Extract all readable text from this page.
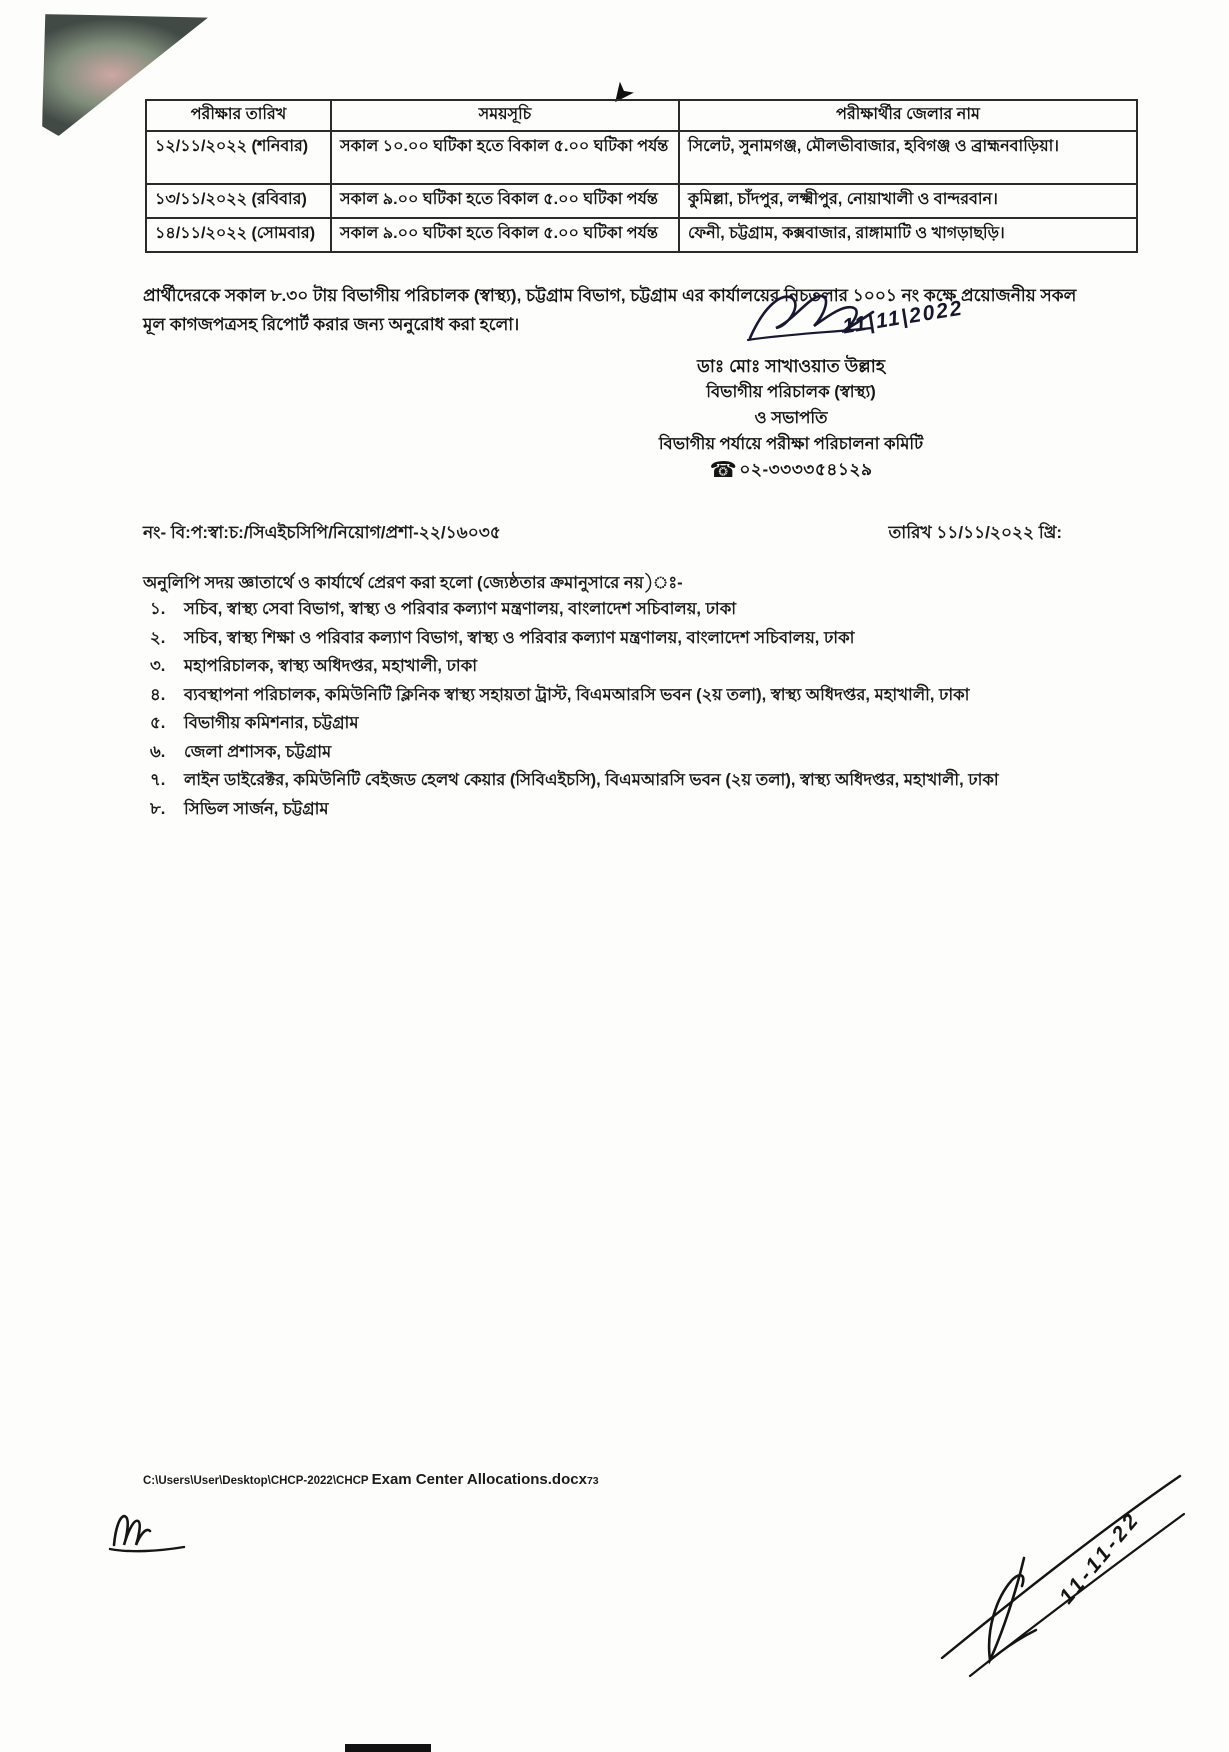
➤
পরীক্ষার তারিখ	সময়সূচি	পরীক্ষার্থীর জেলার নাম
১২/১১/২০২২ (শনিবার)	সকাল ১০.০০ ঘটিকা হতে বিকাল ৫.০০ ঘটিকা পর্যন্ত	সিলেট, সুনামগঞ্জ, মৌলভীবাজার, হবিগঞ্জ ও ব্রাহ্মনবাড়িয়া।
১৩/১১/২০২২ (রবিবার)	সকাল ৯.০০ ঘটিকা হতে বিকাল ৫.০০ ঘটিকা পর্যন্ত	কুমিল্লা, চাঁদপুর, লক্ষ্মীপুর, নোয়াখালী ও বান্দরবান।
১৪/১১/২০২২ (সোমবার)	সকাল ৯.০০ ঘটিকা হতে বিকাল ৫.০০ ঘটিকা পর্যন্ত	ফেনী, চট্টগ্রাম, কক্সবাজার, রাঙ্গামাটি ও খাগড়াছড়ি।
প্রার্থীদেরকে সকাল ৮.৩০ টায় বিভাগীয় পরিচালক (স্বাস্থ্য), চট্টগ্রাম বিভাগ, চট্টগ্রাম এর কার্যালয়ের নিচতলার ১০০১ নং কক্ষে প্রয়োজনীয় সকল মূল কাগজপত্রসহ রিপোর্ট করার জন্য অনুরোধ করা হলো।	11|11|2022
ডাঃ মোঃ সাখাওয়াত উল্লাহ
বিভাগীয় পরিচালক (স্বাস্থ্য)
ও সভাপতি
বিভাগীয় পর্যায়ে পরীক্ষা পরিচালনা কমিটি
☎ ০২-৩৩৩৩৫৪১২৯
নং- বি:প:স্বা:চ:/সিএইচসিপি/নিয়োগ/প্রশা-২২/১৬০৩৫	তারিখ ১১/১১/২০২২ খ্রি:
অনুলিপি সদয় জ্ঞাতার্থে ও কার্যার্থে প্রেরণ করা হলো (জ্যেষ্ঠতার ক্রমানুসারে নয়)ঃ-
১.	সচিব, স্বাস্থ্য সেবা বিভাগ, স্বাস্থ্য ও পরিবার কল্যাণ মন্ত্রণালয়, বাংলাদেশ সচিবালয়, ঢাকা
২.	সচিব, স্বাস্থ্য শিক্ষা ও পরিবার কল্যাণ বিভাগ, স্বাস্থ্য ও পরিবার কল্যাণ মন্ত্রণালয়, বাংলাদেশ সচিবালয়, ঢাকা
৩.	মহাপরিচালক, স্বাস্থ্য অধিদপ্তর, মহাখালী, ঢাকা
৪.	ব্যবস্থাপনা পরিচালক, কমিউনিটি ক্লিনিক স্বাস্থ্য সহায়তা ট্রাস্ট, বিএমআরসি ভবন (২য় তলা), স্বাস্থ্য অধিদপ্তর, মহাখালী, ঢাকা
৫.	বিভাগীয় কমিশনার, চট্টগ্রাম
৬.	জেলা প্রশাসক, চট্টগ্রাম
৭.	লাইন ডাইরেক্টর, কমিউনিটি বেইজড হেলথ কেয়ার (সিবিএইচসি), বিএমআরসি ভবন (২য় তলা), স্বাস্থ্য অধিদপ্তর, মহাখালী, ঢাকা
৮.	সিভিল সার্জন, চট্টগ্রাম
C:\Users\User\Desktop\CHCP-2022\CHCP Exam Center Allocations.docx73
11-11-22
